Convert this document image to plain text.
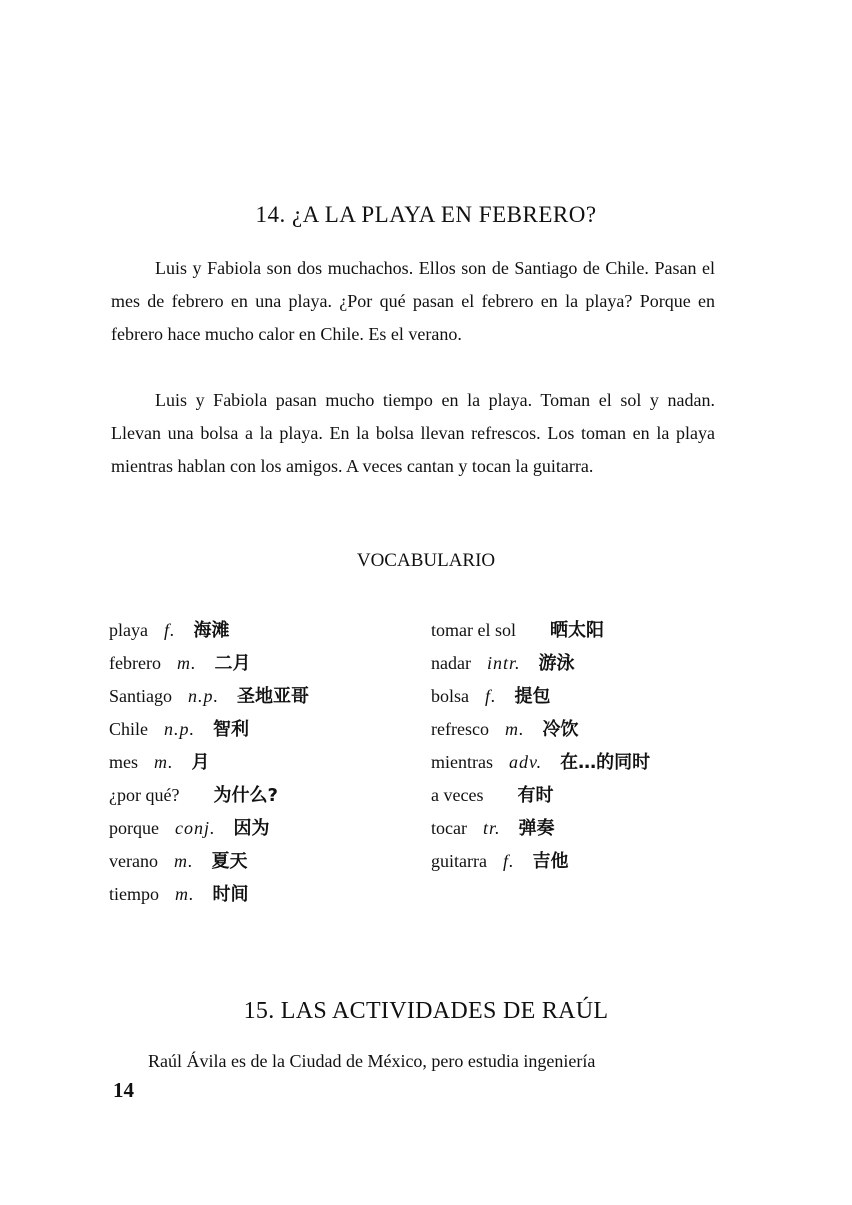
14. ¿A LA PLAYA EN FEBRERO?

Luis y Fabiola son dos muchachos. Ellos son de Santiago de Chile. Pasan el mes de febrero en una playa. ¿Por qué pasan el febrero en la playa? Porque en febrero hace mucho calor en Chile. Es el verano.

Luis y Fabiola pasan mucho tiempo en la playa. Toman el sol y nadan. Llevan una bolsa a la playa. En la bolsa llevan refrescos. Los toman en la playa mientras hablan con los amigos. A veces cantan y tocan la guitarra.

VOCABULARIO
playa f. 海滩
febrero m. 二月
Santiago n.p. 圣地亚哥
Chile n.p. 智利
mes m. 月
¿por qué? 为什么?
porque conj. 因为
verano m. 夏天
tiempo m. 时间
tomar el sol 晒太阳
nadar intr. 游泳
bolsa f. 提包
refresco m. 冷饮
mientras adv. 在…的同时
a veces 有时
tocar tr. 弹奏
guitarra f. 吉他
15. LAS ACTIVIDADES DE RAÚL

Raúl Ávila es de la Ciudad de México, pero estudia ingeniería

14
